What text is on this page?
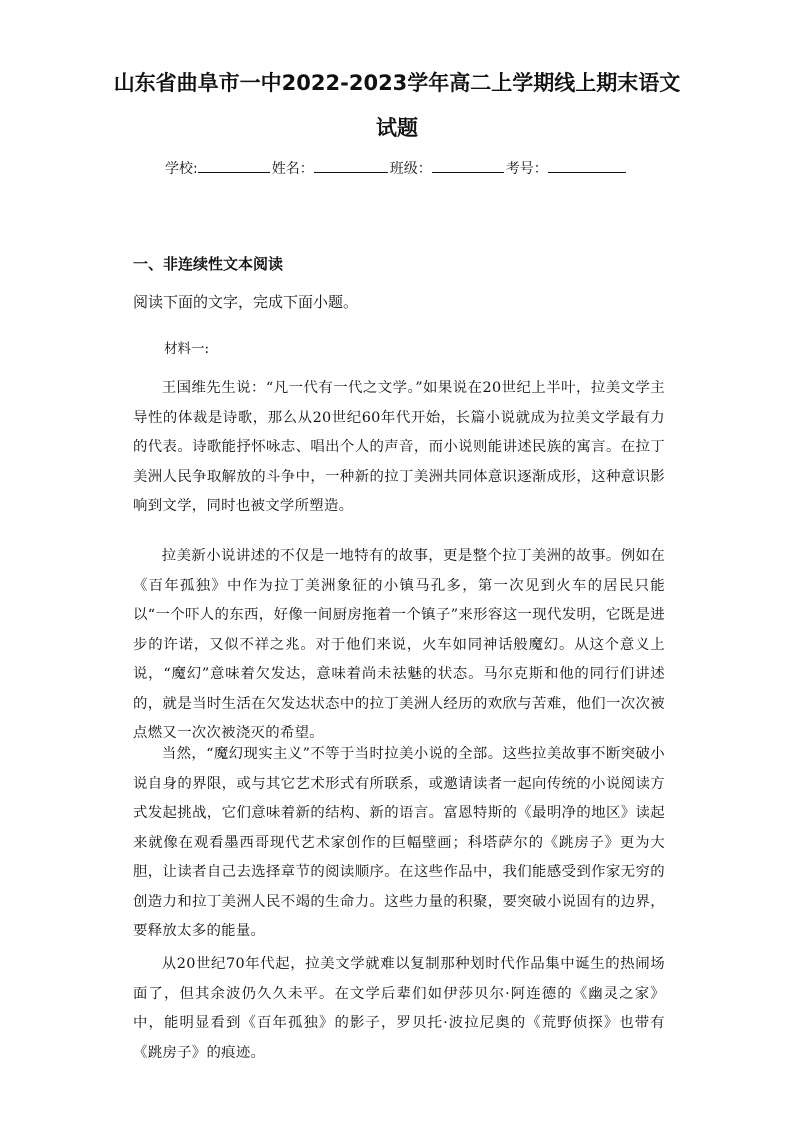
山东省曲阜市一中2022-2023学年高二上学期线上期末语文
试题
学校:	姓名：	班级：	考号：
一、非连续性文本阅读

阅读下面的文字，完成下面小题。

材料一:

王国维先生说：“凡一代有一代之文学。”如果说在20世纪上半叶，拉美文学主导性的体裁是诗歌，那么从20世纪60年代开始，长篇小说就成为拉美文学最有力的代表。诗歌能抒怀咏志、唱出个人的声音，而小说则能讲述民族的寓言。在拉丁美洲人民争取解放的斗争中，一种新的拉丁美洲共同体意识逐渐成形，这种意识影响到文学，同时也被文学所塑造。

拉美新小说讲述的不仅是一地特有的故事，更是整个拉丁美洲的故事。例如在《百年孤独》中作为拉丁美洲象征的小镇马孔多，第一次见到火车的居民只能以“一个吓人的东西，好像一间厨房拖着一个镇子”来形容这一现代发明，它既是进步的许诺，又似不祥之兆。对于他们来说，火车如同神话般魔幻。从这个意义上说，“魔幻”意味着欠发达，意味着尚未祛魅的状态。马尔克斯和他的同行们讲述的，就是当时生活在欠发达状态中的拉丁美洲人经历的欢欣与苦难，他们一次次被点燃又一次次被浇灭的希望。

当然，“魔幻现实主义”不等于当时拉美小说的全部。这些拉美故事不断突破小说自身的界限，或与其它艺术形式有所联系，或邀请读者一起向传统的小说阅读方式发起挑战，它们意味着新的结构、新的语言。富恩特斯的《最明净的地区》读起来就像在观看墨西哥现代艺术家创作的巨幅壁画；科塔萨尔的《跳房子》更为大胆，让读者自己去选择章节的阅读顺序。在这些作品中，我们能感受到作家无穷的创造力和拉丁美洲人民不竭的生命力。这些力量的积聚，要突破小说固有的边界，要释放太多的能量。

从20世纪70年代起，拉美文学就难以复制那种划时代作品集中诞生的热闹场面了，但其余波仍久久未平。在文学后辈们如伊莎贝尔·阿连德的《幽灵之家》中，能明显看到《百年孤独》的影子，罗贝托·波拉尼奥的《荒野侦探》也带有《跳房子》的痕迹。
